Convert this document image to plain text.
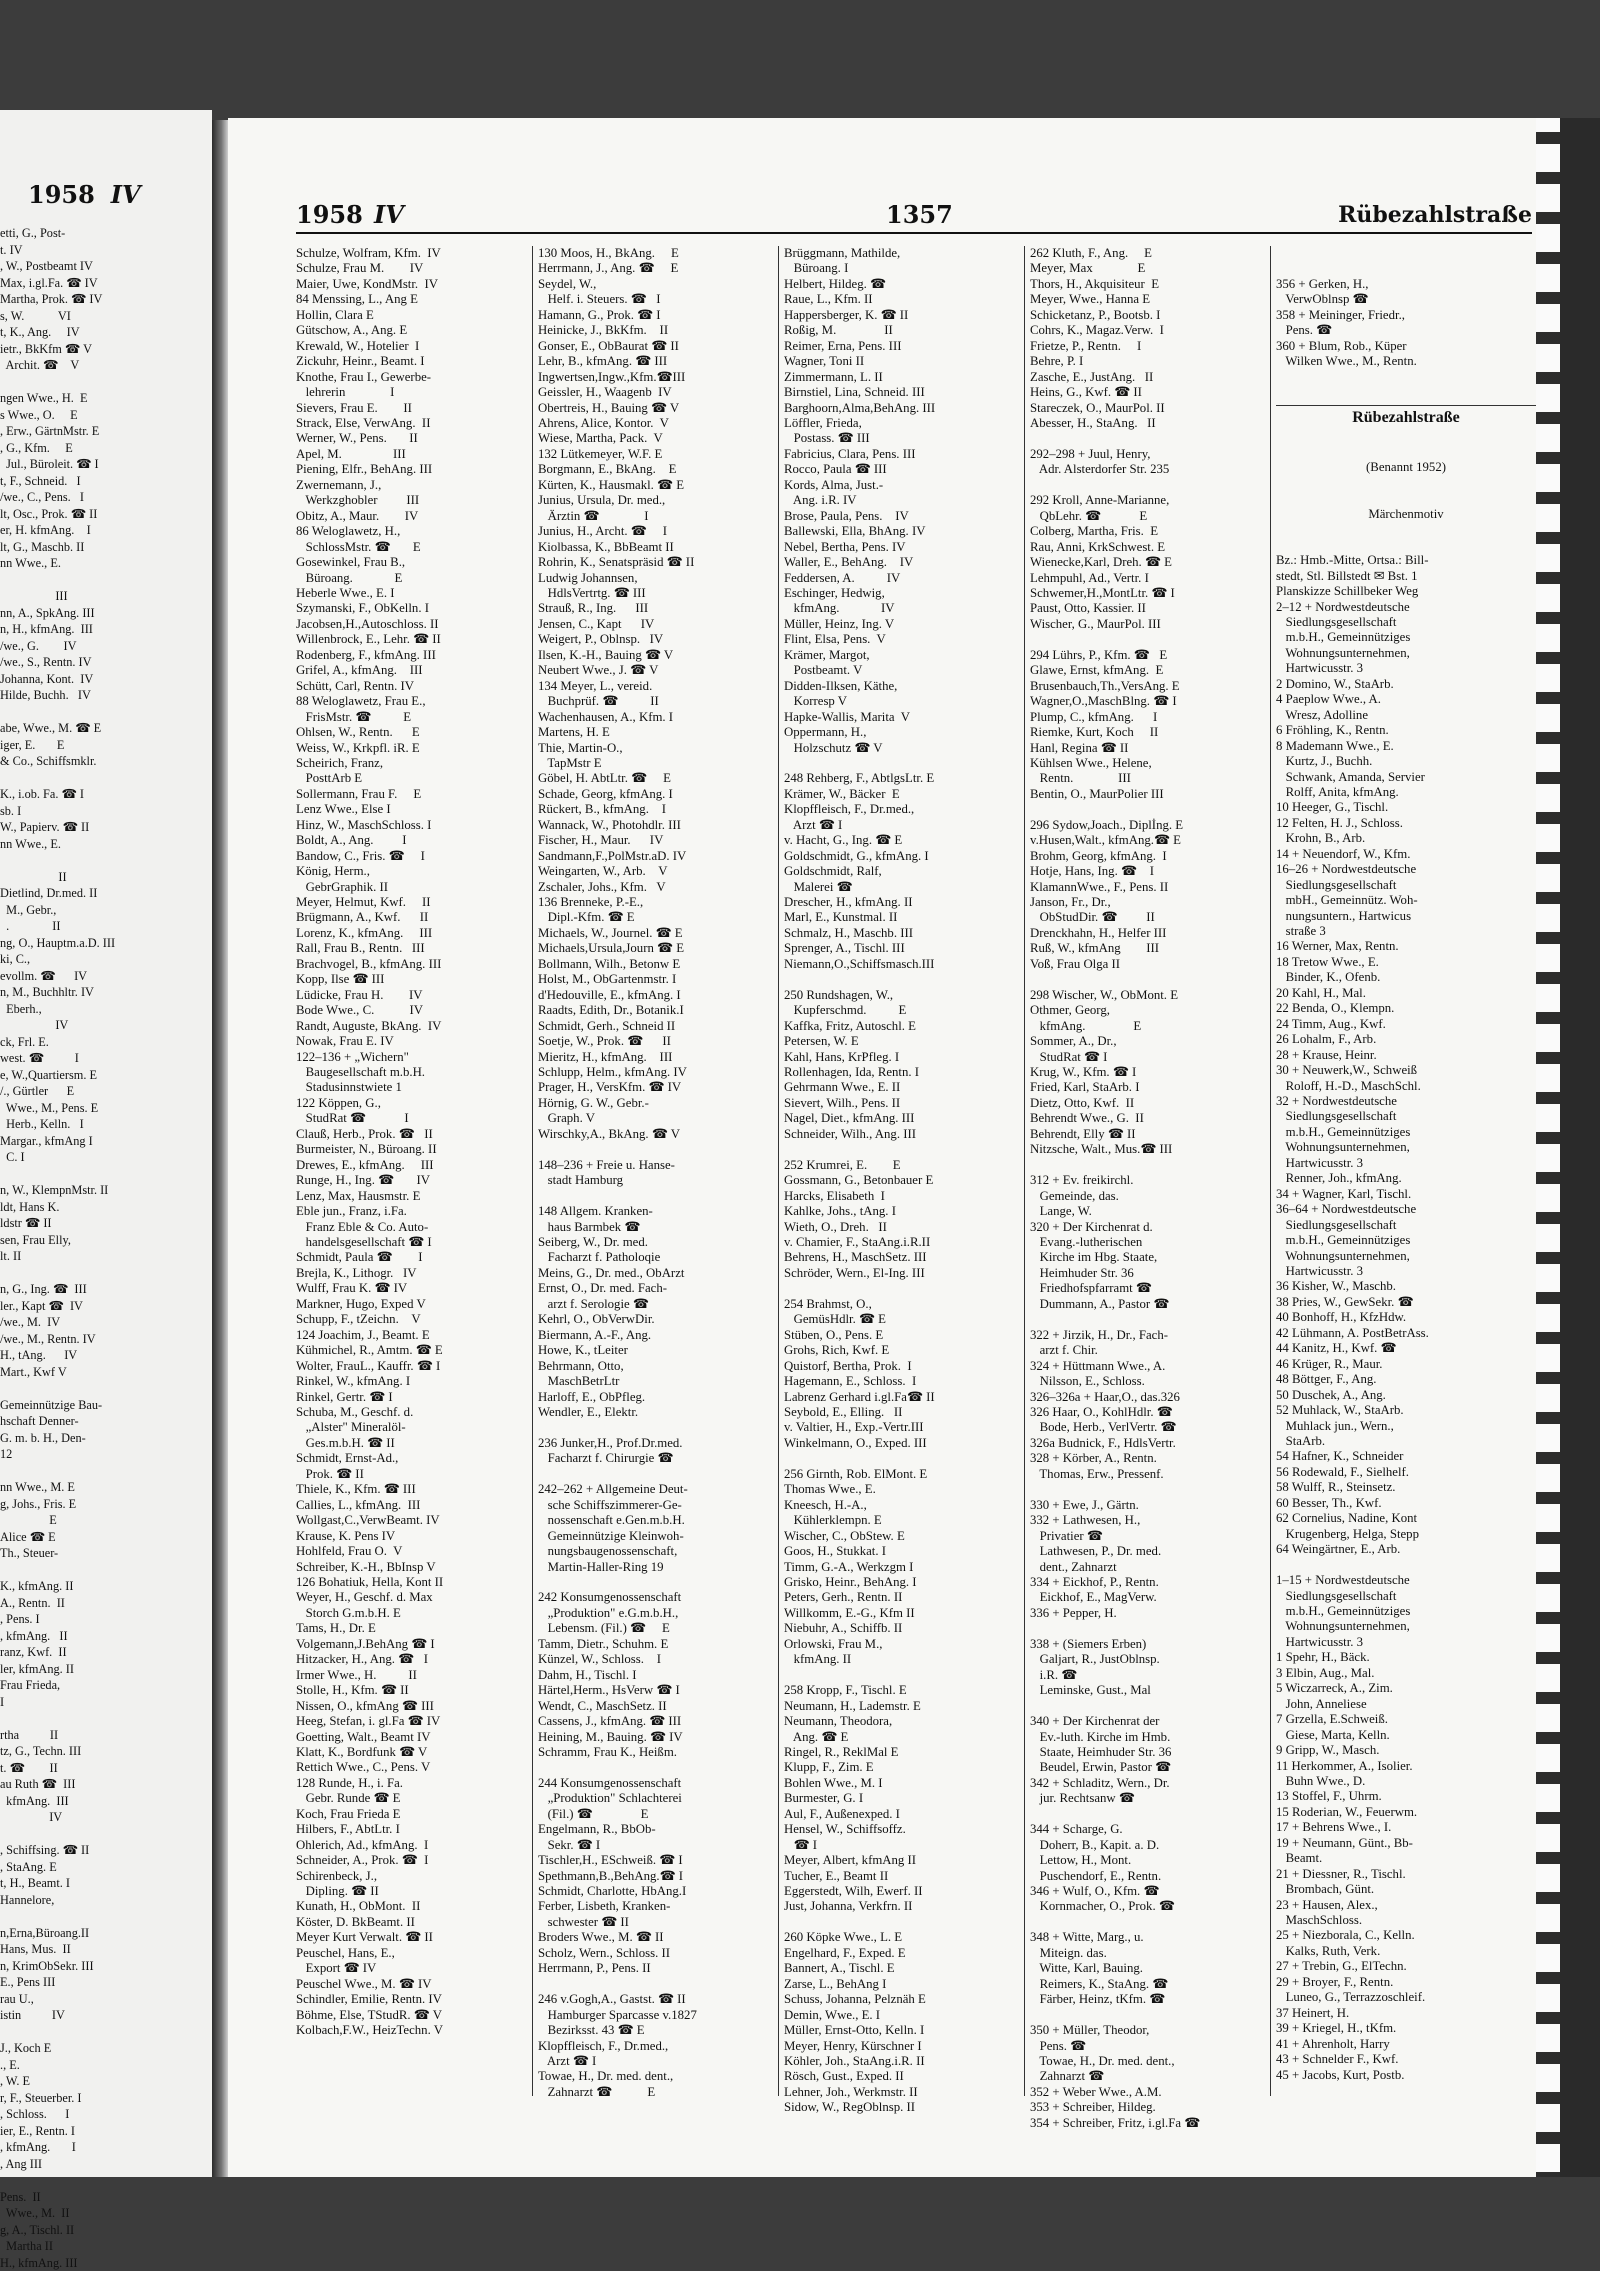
1958 IV
etti, G., Post-
t. IV
, W., Postbeamt IV
Max, i.gl.Fa. ☎ IV
Martha, Prok. ☎ IV
s, W.           VI
t, K., Ang.     IV
ietr., BkKfm ☎ V
Archit. ☎    V

ngen Wwe., H.  E
s Wwe., O.     E
, Erw., GärtnMstr. E
, G., Kfm.     E
Jul., Büroleit. ☎ I
t, F., Schneid.   I
/we., C., Pens.   I
lt, Osc., Prok. ☎ II
er, H. kfmAng.    I
lt, G., Maschb. II
nn Wwe., E.

III
nn, A., SpkAng. III
n, H., kfmAng.  III
/we., G.        IV
/we., S., Rentn. IV
Johanna, Kont.  IV
Hilde, Buchh.   IV

abe, Wwe., M. ☎ E
iger, E.       E
& Co., Schiffsmklr.

K., i.ob. Fa. ☎ I
sb. I
W., Papierv. ☎ II
nn Wwe., E.

II
Dietlind, Dr.med. II
M., Gebr.,
.              II
ng, O., Hauptm.a.D. III
ki, C.,
evollm. ☎      IV
n, M., Buchhltr. IV
Eberh.,
IV
ck, Frl. E.
west. ☎          I
e, W.,Quartiersm. E
/., Gürtler      E
Wwe., M., Pens. E
Herb., Kelln.   I
Margar., kfmAng I
C. I

n, W., KlempnMstr. II
ldt, Hans K.
ldstr ☎ II
sen, Frau Elly,
lt. II

n, G., Ing. ☎  III
ler., Kapt ☎  IV
/we., M.  IV
/we., M., Rentn. IV
H., tAng.      IV
Mart., Kwf V

Gemeinnützige Bau-
hschaft Denner-
G. m. b. H., Den-
12

nn Wwe., M. E
g, Johs., Fris. E
E
Alice ☎ E
Th., Steuer-

K., kfmAng. II
A., Rentn.  II
, Pens. I
, kfmAng.   II
ranz, Kwf.  II
ler, kfmAng. II
Frau Frieda,
I

rtha          II
tz, G., Techn. III
t. ☎        II
au Ruth ☎  III
kfmAng.  III
IV

, Schiffsing. ☎ II
, StaAng. E
t, H., Beamt. I
Hannelore,

n,Erna,Büroang.II
Hans, Mus.  II
n, KrimObSekr. III
E., Pens III
rau U.,
istin          IV

J., Koch E
., E.
, W. E
r, F., Steuerber. I
, Schloss.      I
ier, E., Rentn. I
, kfmAng.       I
, Ang III

Pens.  II
Wwe., M.  II
g, A., Tischl. II
Martha II
H., kfmAng. III
1958 IV	1357	Rübezahlstraße
Schulze, Wolfram, Kfm.  IV
Schulze, Frau M.        IV
Maier, Uwe, KondMstr.  IV
84 Menssing, L., Ang E
Hollin, Clara E
Gütschow, A., Ang. E
Krewald, W., Hotelier  I
Zickuhr, Heinr., Beamt. I
Knothe, Frau I., Gewerbe-
lehrerin              I
Sievers, Frau E.        II
Strack, Else, VerwAng.  II
Werner, W., Pens.       II
Apel, M.                III
Piening, Elfr., BehAng. III
Zwernemann, J.,
Werkzghobler         III
Obitz, A., Maur.        IV
86 Weloglawetz, H.,
SchlossMstr. ☎       E
Gosewinkel, Frau B.,
Büroang.             E
Heberle Wwe., E. I
Szymanski, F., ObKelln. I
Jacobsen,H.,Autoschloss. II
Willenbrock, E., Lehr. ☎ II
Rodenberg, F., kfmAng. III
Grifel, A., kfmAng.    III
Schütt, Carl, Rentn. IV
88 Weloglawetz, Frau E.,
FrisMstr. ☎          E
Ohlsen, W., Rentn.      E
Weiss, W., Krkpfl. iR. E
Scheirich, Franz,
PosttArb E
Sollermann, Frau F.     E
Lenz Wwe., Else I
Hinz, W., MaschSchloss. I
Boldt, A., Ang.         I
Bandow, C., Fris. ☎     I
König, Herm.,
GebrGraphik. II
Meyer, Helmut, Kwf.     II
Brügmann, A., Kwf.      II
Lorenz, K., kfmAng.     III
Rall, Frau B., Rentn.   III
Brachvogel, B., kfmAng. III
Kopp, Ilse ☎ III
Lüdicke, Frau H.        IV
Bode Wwe., C.           IV
Randt, Auguste, BkAng.  IV
Nowak, Frau E. IV
122–136 + „Wichern"
Baugesellschaft m.b.H.
Stadusinnstwiete 1
122 Köppen, G.,
StudRat ☎            I
Clauß, Herb., Prok. ☎   II
Burmeister, N., Büroang. II
Drewes, E., kfmAng.     III
Runge, H., Ing. ☎       IV
Lenz, Max, Hausmstr. E
Eble jun., Franz, i.Fa.
Franz Eble & Co. Auto-
handelsgesellschaft ☎ I
Schmidt, Paula ☎        I
Brejla, K., Lithogr.   IV
Wulff, Frau K. ☎ IV
Markner, Hugo, Exped V
Schupp, F., tZeichn.    V
124 Joachim, J., Beamt. E
Kühmichel, R., Amtm. ☎ E
Wolter, FrauL., Kauffr. ☎ I
Rinkel, W., kfmAng. I
Rinkel, Gertr. ☎ I
Schuba, M., Geschf. d.
„Alster" Mineralöl-
Ges.m.b.H. ☎ II
Schmidt, Ernst-Ad.,
Prok. ☎ II
Thiele, K., Kfm. ☎ III
Callies, L., kfmAng.  III
Wollgast,C.,VerwBeamt. IV
Krause, K. Pens IV
Hohlfeld, Frau O.  V
Schreiber, K.-H., BbInsp V
126 Bohatiuk, Hella, Kont II
Weyer, H., Geschf. d. Max
Storch G.m.b.H. E
Tams, H., Dr. E
Volgemann,J.BehAng ☎ I
Hitzacker, H., Ang. ☎   I
Irmer Wwe., H.          II
Stolle, H., Kfm. ☎ II
Nissen, O., kfmAng ☎ III
Heeg, Stefan, i. gl.Fa ☎ IV
Goetting, Walt., Beamt IV
Klatt, K., Bordfunk ☎ V
Rettich Wwe., C., Pens. V
128 Runde, H., i. Fa.
Gebr. Runde ☎ E
Koch, Frau Frieda E
Hilbers, F., AbtLtr. I
Ohlerich, Ad., kfmAng.  I
Schneider, A., Prok. ☎  I
Schirenbeck, J.,
Dipling. ☎ II
Kunath, H., ObMont.  II
Köster, D. BkBeamt. II
Meyer Kurt Verwalt. ☎ II
Peuschel, Hans, E.,
Export ☎ IV
Peuschel Wwe., M. ☎ IV
Schindler, Emilie, Rentn. IV
Böhme, Else, TStudR. ☎ V
Kolbach,F.W., HeizTechn. V
130 Moos, H., BkAng.     E
Herrmann, J., Ang. ☎     E
Seydel, W.,
Helf. i. Steuers. ☎   I
Hamann, G., Prok. ☎ I
Heinicke, J., BkKfm.    II
Gonser, E., ObBaurat ☎ II
Lehr, B., kfmAng. ☎ III
Ingwertsen,Ingw.,Kfm.☎III
Geissler, H., Waagenb  IV
Obertreis, H., Bauing ☎ V
Ahrens, Alice, Kontor.  V
Wiese, Martha, Pack.  V
132 Lütkemeyer, W.F. E
Borgmann, E., BkAng.    E
Kürten, K., Hausmakl. ☎ E
Junius, Ursula, Dr. med.,
Ärztin ☎              I
Junius, H., Archt. ☎     I
Kiolbassa, K., BbBeamt II
Rohrin, K., Senatspräsid ☎ II
Ludwig Johannsen,
HdlsVertrtg. ☎ III
Strauß, R., Ing.      III
Jensen, C., Kapt      IV
Weigert, P., Oblnsp.   IV
Ilsen, K.-H., Bauing ☎ V
Neubert Wwe., J. ☎ V
134 Meyer, L., vereid.
Buchprüf. ☎          II
Wachenhausen, A., Kfm. I
Martens, H. E
Thie, Martin-O.,
TapMstr E
Göbel, H. AbtLtr. ☎     E
Schade, Georg, kfmAng. I
Rückert, B., kfmAng.    I
Wannack, W., Photohdlr. III
Fischer, H., Maur.      IV
Sandmann,F.,PolMstr.aD. IV
Weingarten, W., Arb.    V
Zschaler, Johs., Kfm.   V
136 Brenneke, P.-E.,
Dipl.-Kfm. ☎ E
Michaels, W., Journel. ☎ E
Michaels,Ursula,Journ ☎ E
Bollmann, Wilh., Betonw E
Holst, M., ObGartenmstr. I
d'Hedouville, E., kfmAng. I
Raadts, Edith, Dr., Botanik.I
Schmidt, Gerh., Schneid II
Soetje, W., Prok. ☎      II
Mieritz, H., kfmAng.    III
Schlupp, Helm., kfmAng. IV
Prager, H., VersKfm. ☎ IV
Hörnig, G. W., Gebr.-
Graph. V
Wirschky,A., BkAng. ☎ V

148–236 + Freie u. Hanse-
stadt Hamburg

148 Allgem. Kranken-
haus Barmbek ☎
Seiberg, W., Dr. med.
Facharzt f. Patholoqie
Meins, G., Dr. med., ObArzt
Ernst, O., Dr. med. Fach-
arzt f. Serologie ☎
Kehrl, O., ObVerwDir.
Biermann, A.-F., Ang.
Howe, K., tLeiter
Behrmann, Otto,
MaschBetrLtr
Harloff, E., ObPfleg.
Wendler, E., Elektr.

236 Junker,H., Prof.Dr.med.
Facharzt f. Chirurgie ☎

242–262 + Allgemeine Deut-
sche Schiffszimmerer-Ge-
nossenschaft e.Gen.m.b.H.
Gemeinnützige Kleinwoh-
nungsbaugenossenschaft,
Martin-Haller-Ring 19

242 Konsumgenossenschaft
„Produktion" e.G.m.b.H.,
Lebensm. (Fil.) ☎     E
Tamm, Dietr., Schuhm. E
Künzel, W., Schloss.    I
Dahm, H., Tischl. I
Härtel,Herm., HsVerw ☎ I
Wendt, C., MaschSetz. II
Cassens, J., kfmAng. ☎ III
Heining, M., Bauing. ☎ IV
Schramm, Frau K., Heißm.

244 Konsumgenossenschaft
„Produktion" Schlachterei
(Fil.) ☎               E
Engelmann, R., BbOb-
Sekr. ☎ I
Tischler,H., ESchweiß. ☎ I
Spethmann,B.,BehAng.☎ I
Schmidt, Charlotte, HbAng.I
Ferber, Lisbeth, Kranken-
schwester ☎ II
Broders Wwe., M. ☎ II
Scholz, Wern., Schloss. II
Herrmann, P., Pens. II

246 v.Gogh,A., Gastst. ☎ II
Hamburger Sparcasse v.1827
Bezirksst. 43 ☎ E
Klopffleisch, F., Dr.med.,
Arzt ☎ I
Towae, H., Dr. med. dent.,
Zahnarzt ☎           E
Brüggmann, Mathilde,
Büroang. I
Helbert, Hildeg. ☎
Raue, L., Kfm. II
Happersberger, K. ☎ II
Roßig, M.               II
Reimer, Erna, Pens. III
Wagner, Toni II
Zimmermann, L. II
Birnstiel, Lina, Schneid. III
Barghoorn,Alma,BehAng. III
Löffler, Frieda,
Postass. ☎ III
Fabricius, Clara, Pens. III
Rocco, Paula ☎ III
Kords, Alma, Just.-
Ang. i.R. IV
Brose, Paula, Pens.    IV
Ballewski, Ella, BhAng. IV
Nebel, Bertha, Pens. IV
Waller, E., BehAng.    IV
Feddersen, A.          IV
Eschinger, Hedwig,
kfmAng.             IV
Müller, Heinz, Ing. V
Flint, Elsa, Pens.  V
Krämer, Margot,
Postbeamt. V
Didden-Ilksen, Käthe,
Korresp V
Hapke-Wallis, Marita  V
Oppermann, H.,
Holzschutz ☎ V

248 Rehberg, F., AbtlgsLtr. E
Krämer, W., Bäcker  E
Klopffleisch, F., Dr.med.,
Arzt ☎ I
v. Hacht, G., Ing. ☎ E
Goldschmidt, G., kfmAng. I
Goldschmidt, Ralf,
Malerei ☎
Drescher, H., kfmAng. II
Marl, E., Kunstmal. II
Schmalz, H., Maschb. III
Sprenger, A., Tischl. III
Niemann,O.,Schiffsmasch.III

250 Rundshagen, W.,
Kupferschmd.          E
Kaffka, Fritz, Autoschl. E
Petersen, W. E
Kahl, Hans, KrPfleg. I
Rollenhagen, Ida, Rentn. I
Gehrmann Wwe., E. II
Sievert, Wilh., Pens. II
Nagel, Diet., kfmAng. III
Schneider, Wilh., Ang. III

252 Krumrei, E.        E
Gossmann, G., Betonbauer E
Harcks, Elisabeth  I
Kahlke, Johs., tAng. I
Wieth, O., Dreh.   II
v. Chamier, F., StaAng.i.R.II
Behrens, H., MaschSetz. III
Schröder, Wern., El-Ing. III

254 Brahmst, O.,
GemüsHdlr. ☎ E
Stüben, O., Pens. E
Grohs, Rich, Kwf. E
Quistorf, Bertha, Prok.  I
Hagemann, E., Schloss.  I
Labrenz Gerhard i.gl.Fa☎ II
Seybold, E., Elling.   II
v. Valtier, H., Exp.-Vertr.III
Winkelmann, O., Exped. III

256 Girnth, Rob. ElMont. E
Thomas Wwe., E.
Kneesch, H.-A.,
Kühlerklempn. E
Wischer, C., ObStew. E
Goos, H., Stukkat. I
Timm, G.-A., Werkzgm I
Grisko, Heinr., BehAng. I
Peters, Gerh., Rentn. II
Willkomm, E.-G., Kfm II
Niebuhr, A., Schiffb. II
Orlowski, Frau M.,
kfmAng. II

258 Kropp, F., Tischl. E
Neumann, H., Lademstr. E
Neumann, Theodora,
Ang. ☎ E
Ringel, R., ReklMal E
Klupp, F., Zim. E
Bohlen Wwe., M. I
Burmester, G. I
Aul, F., Außenexped. I
Hensel, W., Schiffsoffz.
☎ I
Meyer, Albert, kfmAng II
Tucher, E., Beamt II
Eggerstedt, Wilh, Ewerf. II
Just, Johanna, Verkfrn. II

260 Köpke Wwe., L. E
Engelhard, F., Exped. E
Bannert, A., Tischl. E
Zarse, L., BehAng I
Schuss, Johanna, Pelznäh E
Demin, Wwe., E. I
Müller, Ernst-Otto, Kelln. I
Meyer, Henry, Kürschner I
Köhler, Joh., StaAng.i.R. II
Rösch, Gust., Exped. II
Lehner, Joh., Werkmstr. II
Sidow, W., RegOblnsp. II
262 Kluth, F., Ang.     E
Meyer, Max              E
Thors, H., Akquisiteur  E
Meyer, Wwe., Hanna E
Schicketanz, P., Bootsb. I
Cohrs, K., Magaz.Verw.  I
Frietze, P., Rentn.     I
Behre, P. I
Zasche, E., JustAng.   II
Heins, G., Kwf. ☎ II
Stareczek, O., MaurPol. II
Abesser, H., StaAng.   II

292–298 + Juul, Henry,
Adr. Alsterdorfer Str. 235

292 Kroll, Anne-Marianne,
QbLehr. ☎            E
Colberg, Martha, Fris.  E
Rau, Anni, KrkSchwest. E
Wienecke,Karl, Dreh. ☎ E
Lehmpuhl, Ad., Vertr. I
Schwemer,H.,MontLtr. ☎ I
Paust, Otto, Kassier. II
Wischer, G., MaurPol. III

294 Lührs, P., Kfm. ☎   E
Glawe, Ernst, kfmAng.  E
Brusenbauch,Th.,VersAng. E
Wagner,O.,MaschBlng. ☎ I
Plump, C., kfmAng.      I
Riemke, Kurt, Koch     II
Hanl, Regina ☎ II
Kühlsen Wwe., Helene,
Rentn.              III
Bentin, O., MaurPolier III

296 Sydow,Joach., Diplİng. E
v.Husen,Walt., kfmAng.☎ E
Brohm, Georg, kfmAng.  I
Hotje, Hans, Ing. ☎    I
KlamannWwe., F., Pens. II
Janson, Fr., Dr.,
ObStudDir. ☎         II
Drenckhahn, H., Helfer III
Ruß, W., kfmAng        III
Voß, Frau Olga II

298 Wischer, W., ObMont. E
Othmer, Georg,
kfmAng.               E
Sommer, A., Dr.,
StudRat ☎ I
Krug, W., Kfm. ☎ I
Fried, Karl, StaArb. I
Dietz, Otto, Kwf.  II
Behrendt Wwe., G.  II
Behrendt, Elly ☎ II
Nitzsche, Walt., Mus.☎ III

312 + Ev. freikirchl.
Gemeinde, das.
Lange, W.
320 + Der Kirchenrat d.
Evang.-lutherischen
Kirche im Hbg. Staate,
Heimhuder Str. 36
Friedhofspfarramt ☎
Dummann, A., Pastor ☎

322 + Jirzik, H., Dr., Fach-
arzt f. Chir.
324 + Hüttmann Wwe., A.
Nilsson, E., Schloss.
326–326a + Haar,O., das.326
326 Haar, O., KohlHdlr. ☎
Bode, Herb., VerlVertr. ☎
326a Budnick, F., HdlsVertr.
328 + Körber, A., Rentn.
Thomas, Erw., Pressenf.

330 + Ewe, J., Gärtn.
332 + Lathwesen, H.,
Privatier ☎
Lathwesen, P., Dr. med.
dent., Zahnarzt
334 + Eickhof, P., Rentn.
Eickhof, E., MagVerw.
336 + Pepper, H.

338 + (Siemers Erben)
Galjart, R., JustOblnsp.
i.R. ☎
Leminske, Gust., Mal

340 + Der Kirchenrat der
Ev.-luth. Kirche im Hmb.
Staate, Heimhuder Str. 36
Beudel, Erwin, Pastor ☎
342 + Schladitz, Wern., Dr.
jur. Rechtsanw ☎

344 + Scharge, G.
Doherr, B., Kapit. a. D.
Lettow, H., Mont.
Puschendorf, E., Rentn.
346 + Wulf, O., Kfm. ☎
Kornmacher, O., Prok. ☎

348 + Witte, Marg., u.
Miteign. das.
Witte, Karl, Bauing.
Reimers, K., StaAng. ☎
Färber, Heinz, tKfm. ☎

350 + Müller, Theodor,
Pens. ☎
Towae, H., Dr. med. dent.,
Zahnarzt ☎
352 + Weber Wwe., A.M.
353 + Schreiber, Hildeg.
354 + Schreiber, Fritz, i.gl.Fa ☎

356 + Gerken, H.,
VerwOblnsp ☎
358 + Meininger, Friedr.,
Pens. ☎
360 + Blum, Rob., Küper
Wilken Wwe., M., Rentn.

Rübezahlstraße

(Benannt 1952)

Märchenmotiv

Bz.: Hmb.-Mitte, Ortsa.: Bill-
stedt, Stl. Billstedt ✉ Bst. 1
Planskizze Schillbeker Weg
2–12 + Nordwestdeutsche
Siedlungsgesellschaft
m.b.H., Gemeinnütziges
Wohnungsunternehmen,
Hartwicusstr. 3
2 Domino, W., StaArb.
4 Paeplow Wwe., A.
Wresz, Adolline
6 Fröhling, K., Rentn.
8 Mademann Wwe., E.
Kurtz, J., Buchh.
Schwank, Amanda, Servier
Rolff, Anita, kfmAng.
10 Heeger, G., Tischl.
12 Felten, H. J., Schloss.
Krohn, B., Arb.
14 + Neuendorf, W., Kfm.
16–26 + Nordwestdeutsche
Siedlungsgesellschaft
mbH., Gemeinnütz. Woh-
nungsuntern., Hartwicus
straße 3
16 Werner, Max, Rentn.
18 Tretow Wwe., E.
Binder, K., Ofenb.
20 Kahl, H., Mal.
22 Benda, O., Klempn.
24 Timm, Aug., Kwf.
26 Lohalm, F., Arb.
28 + Krause, Heinr.
30 + Neuwerk,W., Schweiß
Roloff, H.-D., MaschSchl.
32 + Nordwestdeutsche
Siedlungsgesellschaft
m.b.H., Gemeinnütziges
Wohnungsunternehmen,
Hartwicusstr. 3
Renner, Joh., kfmAng.
34 + Wagner, Karl, Tischl.
36–64 + Nordwestdeutsche
Siedlungsgesellschaft
m.b.H., Gemeinnütziges
Wohnungsunternehmen,
Hartwicusstr. 3
36 Kisher, W., Maschb.
38 Pries, W., GewSekr. ☎
40 Bonhoff, H., KfzHdw.
42 Lühmann, A. PostBetrAss.
44 Kanitz, H., Kwf. ☎
46 Krüger, R., Maur.
48 Böttger, F., Ang.
50 Duschek, A., Ang.
52 Muhlack, W., StaArb.
Muhlack jun., Wern.,
StaArb.
54 Hafner, K., Schneider
56 Rodewald, F., Sielhelf.
58 Wulff, R., Steinsetz.
60 Besser, Th., Kwf.
62 Cornelius, Nadine, Kont
Krugenberg, Helga, Stepp
64 Weingärtner, E., Arb.

1–15 + Nordwestdeutsche
Siedlungsgesellschaft
m.b.H., Gemeinnütziges
Wohnungsunternehmen,
Hartwicusstr. 3
1 Spehr, H., Bäck.
3 Elbin, Aug., Mal.
5 Wiczarreck, A., Zim.
John, Anneliese
7 Grzella, E.Schweiß.
Giese, Marta, Kelln.
9 Gripp, W., Masch.
11 Herkommer, A., Isolier.
Buhn Wwe., D.
13 Stoffel, F., Uhrm.
15 Roderian, W., Feuerwm.
17 + Behrens Wwe., I.
19 + Neumann, Günt., Bb-
Beamt.
21 + Diessner, R., Tischl.
Brombach, Günt.
23 + Hausen, Alex.,
MaschSchloss.
25 + Niezborala, C., Kelln.
Kalks, Ruth, Verk.
27 + Trebin, G., ElTechn.
29 + Broyer, F., Rentn.
Luneo, G., Terrazzoschleif.
37 Heinert, H.
39 + Kriegel, H., tKfm.
41 + Ahrenholt, Harry
43 + Schnelder F., Kwf.
45 + Jacobs, Kurt, Postb.
